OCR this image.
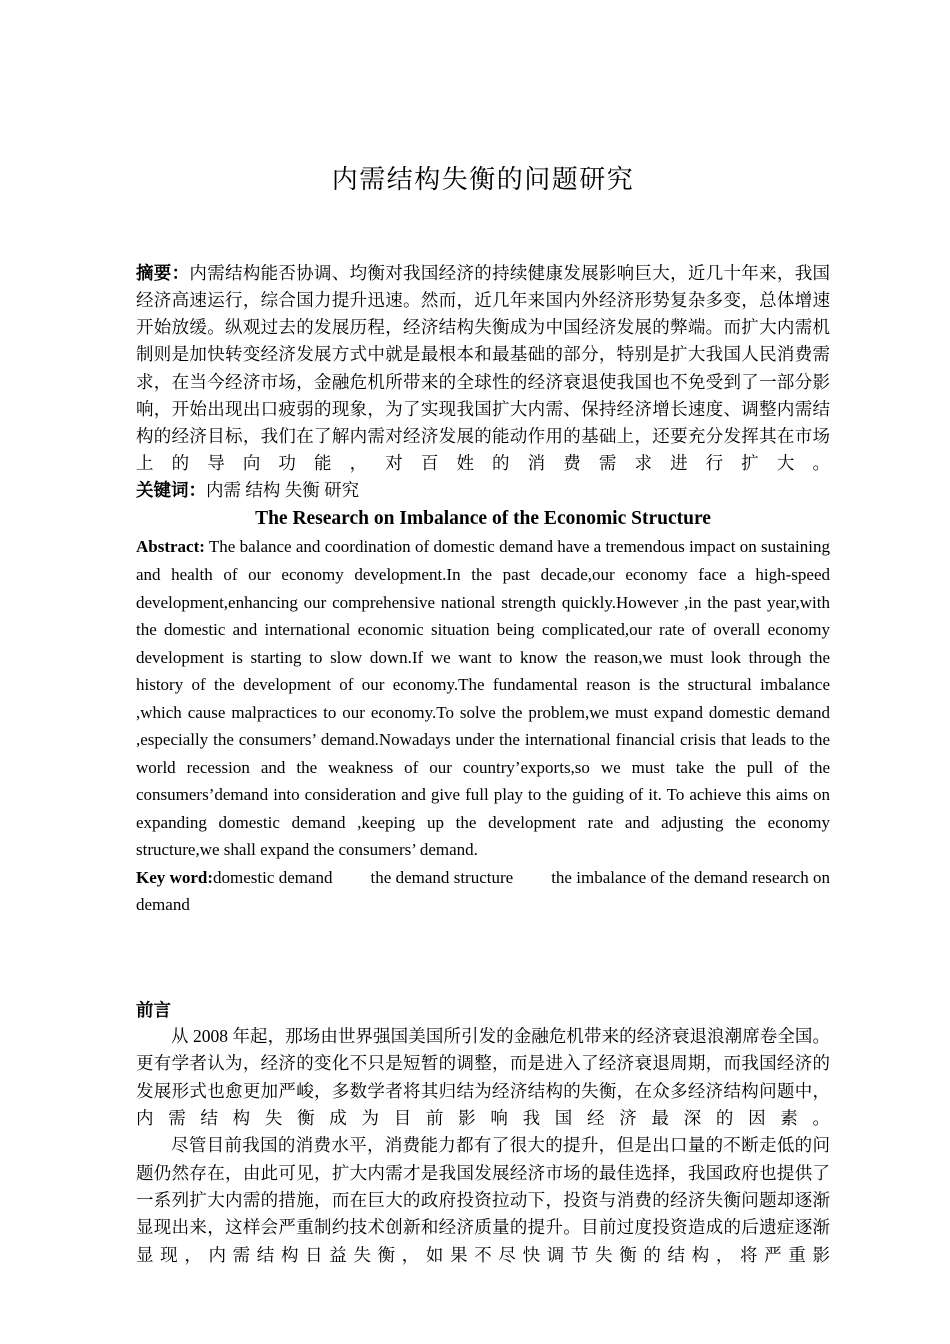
内需结构失衡的问题研究

摘要：内需结构能否协调、均衡对我国经济的持续健康发展影响巨大，近几十年来，我国经济高速运行，综合国力提升迅速。然而，近几年来国内外经济形势复杂多变，总体增速开始放缓。纵观过去的发展历程，经济结构失衡成为中国经济发展的弊端。而扩大内需机制则是加快转变经济发展方式中就是最根本和最基础的部分，特别是扩大我国人民消费需求，在当今经济市场，金融危机所带来的全球性的经济衰退使我国也不免受到了一部分影响，开始出现出口疲弱的现象，为了实现我国扩大内需、保持经济增长速度、调整内需结构的经济目标，我们在了解内需对经济发展的能动作用的基础上，还要充分发挥其在市场上的导向功能，对百姓的消费需求进行扩大。

关键词：内需 结构 失衡 研究

The Research on Imbalance of the Economic Structure

Abstract: The balance and coordination of domestic demand have a tremendous impact on sustaining and health of our economy development.In the past decade,our economy face a high-speed development,enhancing our comprehensive national strength quickly.However ,in the past year,with the domestic and international economic situation being complicated,our rate of overall economy development is starting to slow down.If we want to know the reason,we must look through the history of the development of our economy.The fundamental reason is the structural imbalance ,which cause malpractices to our economy.To solve the problem,we must expand domestic demand ,especially the consumers’ demand.Nowadays under the international financial crisis that leads to the world recession and the weakness of our country’exports,so we must take the pull of the consumers’demand into consideration and give full play to the guiding of it. To achieve this aims on expanding domestic demand ,keeping up the development rate and adjusting the economy structure,we shall expand the consumers’ demand.

Key word:domestic demand the demand structure the imbalance of the demand research on demand

前言

从 2008 年起，那场由世界强国美国所引发的金融危机带来的经济衰退浪潮席卷全国。更有学者认为，经济的变化不只是短暂的调整，而是进入了经济衰退周期，而我国经济的发展形式也愈更加严峻，多数学者将其归结为经济结构的失衡，在众多经济结构问题中，内需结构失衡成为目前影响我国经济最深的因素。

尽管目前我国的消费水平，消费能力都有了很大的提升，但是出口量的不断走低的问题仍然存在，由此可见，扩大内需才是我国发展经济市场的最佳选择，我国政府也提供了一系列扩大内需的措施，而在巨大的政府投资拉动下，投资与消费的经济失衡问题却逐渐显现出来，这样会严重制约技术创新和经济质量的提升。目前过度投资造成的后遗症逐渐显现，内需结构日益失衡，如果不尽快调节失衡的结构，将严重影
